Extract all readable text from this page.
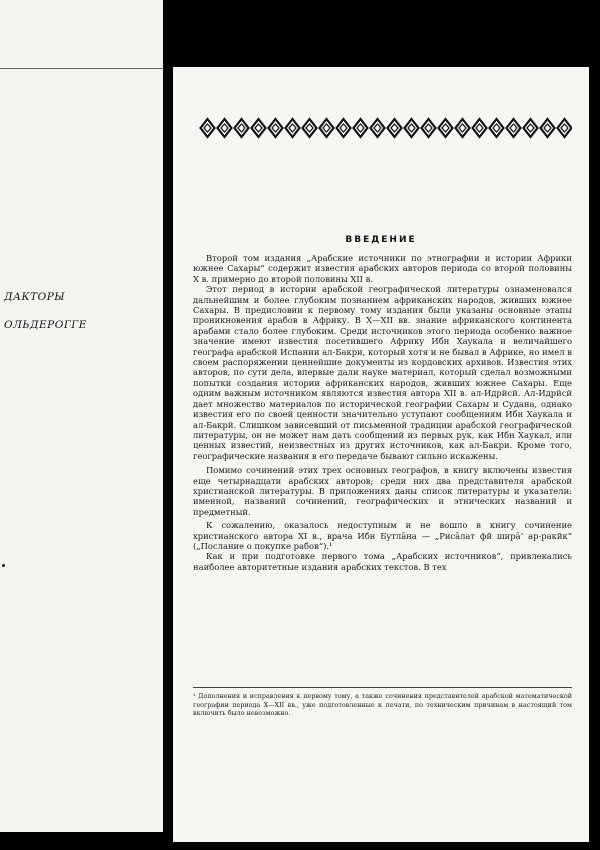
ДАКТОРЫ
ОЛЬДЕРОГГЕ
ВВЕДЕНИЕ

Второй том издания „Арабские источники по этнографии и истории Африки южнее Сахары“ содержит известия арабских авторов периода со второй половины X в. примерно до второй половины XII в.

Этот период в истории арабской географической литературы ознаменовался дальнейшим и более глубоким познанием африканских народов, живших южнее Сахары. В предисловии к первому тому издания были указаны основные этапы проникновения арабов в Африку. В X—XII вв. знание африканского континента арабами стало более глубоким. Среди источников этого периода особенно важное значение имеют известия посетившего Африку Ибн Хаукала и величайшего географа арабской Испании ал-Бакри, который хотя и не бывал в Африке, но имел в своем распоряжении ценнейшие документы из кордовских архивов. Известия этих авторов, по сути дела, впервые дали науке материал, который сделал возможными попытки создания истории африканских народов, живших южнее Сахары. Еще одним важным источником являются известия автора XII в. ал-Идрйсй. Ал-Идрйсй дает множество материалов по исторической географии Сахары и Судана, однако известия его по своей ценности значительно уступают сообщениям Ибн Хаукала и ал-Бакрй. Слишком зависевший от письменной традиции арабской географической литературы, он не может нам дать сообщений из первых рук, как Ибн Хаукал, или ценных известий, неизвестных из других источников, как ал-Бакри. Кроме того, географические названия в его передаче бывают сильно искажены.

Помимо сочинений этих трех основных географов, в книгу включены известия еще четырнадцати арабских авторов; среди них два представителя арабской христианской литературы. В приложениях даны список литературы и указатели: именной, названий сочинений, географических и этнических названий и предметный.

К сожалению, оказалось недоступным и не вошло в книгу сочинение христианского автора XI в., врача Ибн Бутлāна — „Рисāлат фӣ ширā’ ар-ракӣк“ („Послание о покупке рабов“).¹

Как и при подготовке первого тома „Арабских источников“, привлекались наиболее авторитетные издания арабских текстов. В тех

¹ Дополнения и исправления к первому тому, а также сочинения представителей арабской математической географии периода X—XII вв., уже подготовленные к печати, по техническим причинам в настоящий том включить было невозможно.
